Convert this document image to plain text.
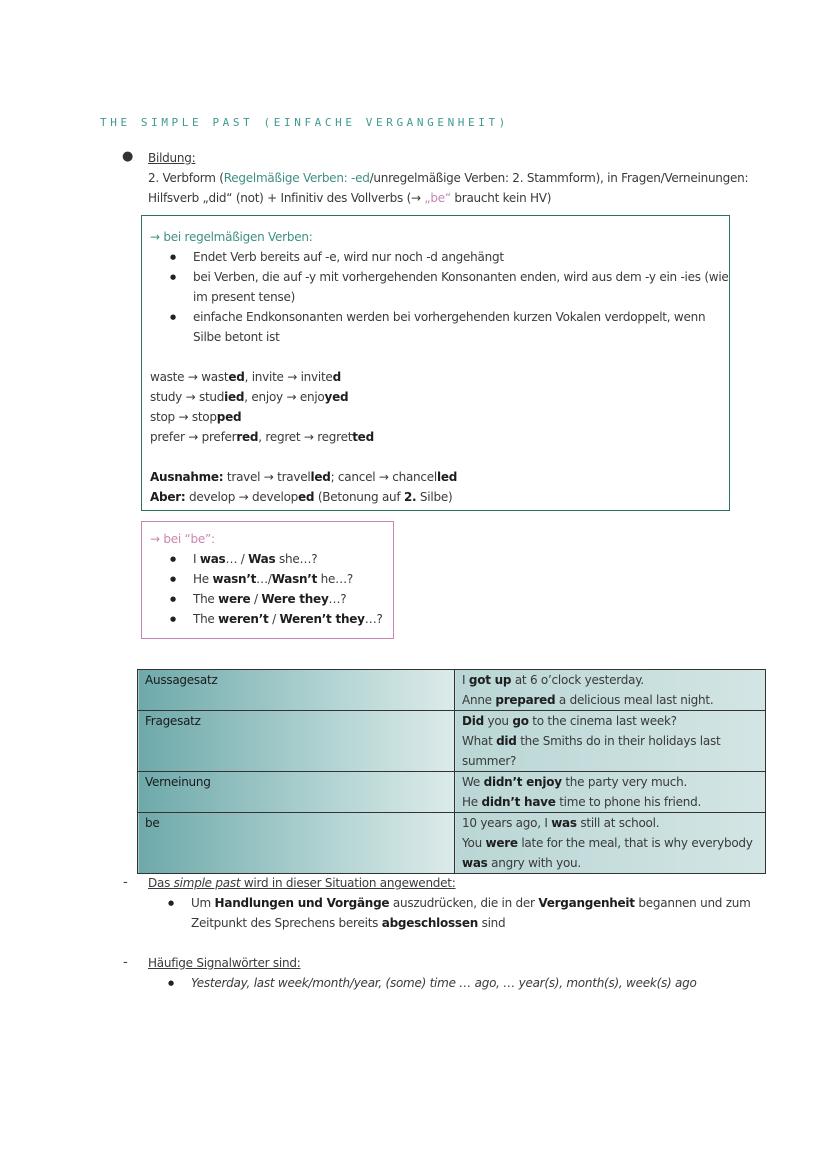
THE SIMPLE PAST (EINFACHE VERGANGENHEIT)
● Bildung:
2. Verbform (Regelmäßige Verben: -ed/unregelmäßige Verben: 2. Stammform), in Fragen/Verneinungen:
Hilfsverb „did“ (not) + Infinitiv des Vollverbs (→ „be“ braucht kein HV)
→ bei regelmäßigen Verben:
● Endet Verb bereits auf -e, wird nur noch -d angehängt
● bei Verben, die auf -y mit vorhergehenden Konsonanten enden, wird aus dem -y ein -ies (wie im present tense)
● einfache Endkonsonanten werden bei vorhergehenden kurzen Vokalen verdoppelt, wenn Silbe betont ist
waste → wasted, invite → invited
study → studied, enjoy → enjoyed
stop → stopped
prefer → preferred, regret → regretted
Ausnahme: travel → travelled; cancel → chancelled
Aber: develop → developed (Betonung auf 2. Silbe)
→ bei “be”:
● I was… / Was she…?
● He wasn’t…/Wasn’t he…?
● The were / Were they…?
● The weren’t / Weren’t they…?
Aussagesatz	I got up at 6 o’clock yesterday.
Anne prepared a delicious meal last night.

Fragesatz	Did you go to the cinema last week?
What did the Smiths do in their holidays last summer?

Verneinung	We didn’t enjoy the party very much.
He didn’t have time to phone his friend.

be	10 years ago, I was still at school.
You were late for the meal, that is why everybody
was angry with you.
- Das simple past wird in dieser Situation angewendet:
● Um Handlungen und Vorgänge auszudrücken, die in der Vergangenheit begannen und zum
Zeitpunkt des Sprechens bereits abgeschlossen sind
- Häufige Signalwörter sind:
● Yesterday, last week/month/year, (some) time … ago, … year(s), month(s), week(s) ago
